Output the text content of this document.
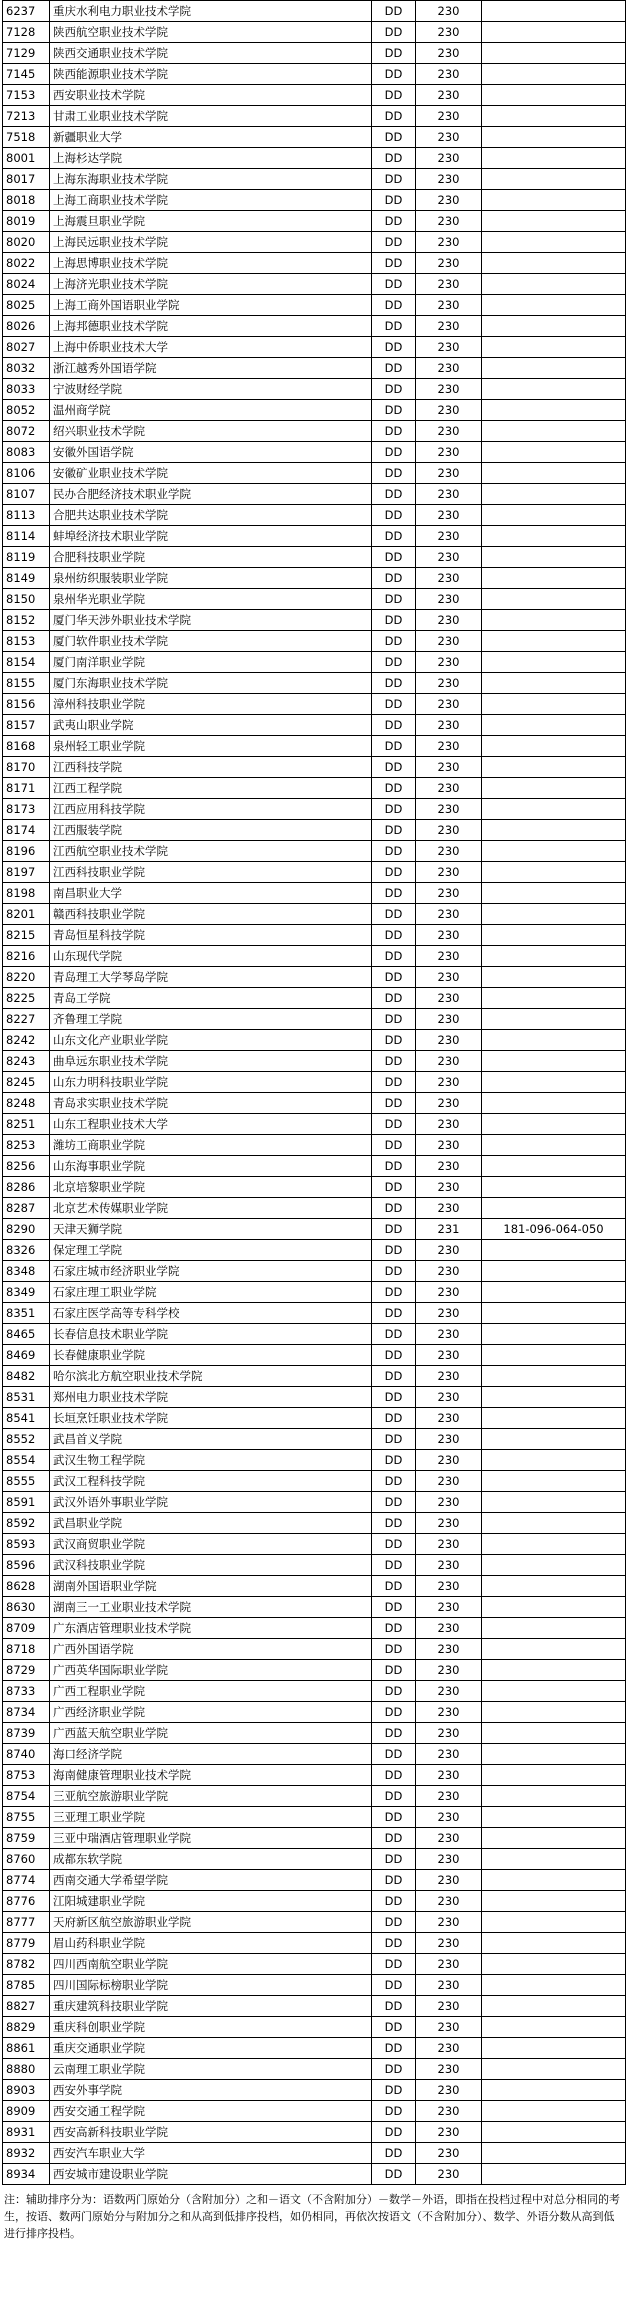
6237	重庆水利电力职业技术学院	DD	230	
7128	陕西航空职业技术学院	DD	230	
7129	陕西交通职业技术学院	DD	230	
7145	陕西能源职业技术学院	DD	230	
7153	西安职业技术学院	DD	230	
7213	甘肃工业职业技术学院	DD	230	
7518	新疆职业大学	DD	230	
8001	上海杉达学院	DD	230	
8017	上海东海职业技术学院	DD	230	
8018	上海工商职业技术学院	DD	230	
8019	上海震旦职业学院	DD	230	
8020	上海民远职业技术学院	DD	230	
8022	上海思博职业技术学院	DD	230	
8024	上海济光职业技术学院	DD	230	
8025	上海工商外国语职业学院	DD	230	
8026	上海邦德职业技术学院	DD	230	
8027	上海中侨职业技术大学	DD	230	
8032	浙江越秀外国语学院	DD	230	
8033	宁波财经学院	DD	230	
8052	温州商学院	DD	230	
8072	绍兴职业技术学院	DD	230	
8083	安徽外国语学院	DD	230	
8106	安徽矿业职业技术学院	DD	230	
8107	民办合肥经济技术职业学院	DD	230	
8113	合肥共达职业技术学院	DD	230	
8114	蚌埠经济技术职业学院	DD	230	
8119	合肥科技职业学院	DD	230	
8149	泉州纺织服装职业学院	DD	230	
8150	泉州华光职业学院	DD	230	
8152	厦门华天涉外职业技术学院	DD	230	
8153	厦门软件职业技术学院	DD	230	
8154	厦门南洋职业学院	DD	230	
8155	厦门东海职业技术学院	DD	230	
8156	漳州科技职业学院	DD	230	
8157	武夷山职业学院	DD	230	
8168	泉州轻工职业学院	DD	230	
8170	江西科技学院	DD	230	
8171	江西工程学院	DD	230	
8173	江西应用科技学院	DD	230	
8174	江西服装学院	DD	230	
8196	江西航空职业技术学院	DD	230	
8197	江西科技职业学院	DD	230	
8198	南昌职业大学	DD	230	
8201	赣西科技职业学院	DD	230	
8215	青岛恒星科技学院	DD	230	
8216	山东现代学院	DD	230	
8220	青岛理工大学琴岛学院	DD	230	
8225	青岛工学院	DD	230	
8227	齐鲁理工学院	DD	230	
8242	山东文化产业职业学院	DD	230	
8243	曲阜远东职业技术学院	DD	230	
8245	山东力明科技职业学院	DD	230	
8248	青岛求实职业技术学院	DD	230	
8251	山东工程职业技术大学	DD	230	
8253	潍坊工商职业学院	DD	230	
8256	山东海事职业学院	DD	230	
8286	北京培黎职业学院	DD	230	
8287	北京艺术传媒职业学院	DD	230	
8290	天津天狮学院	DD	231	181-096-064-050
8326	保定理工学院	DD	230	
8348	石家庄城市经济职业学院	DD	230	
8349	石家庄理工职业学院	DD	230	
8351	石家庄医学高等专科学校	DD	230	
8465	长春信息技术职业学院	DD	230	
8469	长春健康职业学院	DD	230	
8482	哈尔滨北方航空职业技术学院	DD	230	
8531	郑州电力职业技术学院	DD	230	
8541	长垣烹饪职业技术学院	DD	230	
8552	武昌首义学院	DD	230	
8554	武汉生物工程学院	DD	230	
8555	武汉工程科技学院	DD	230	
8591	武汉外语外事职业学院	DD	230	
8592	武昌职业学院	DD	230	
8593	武汉商贸职业学院	DD	230	
8596	武汉科技职业学院	DD	230	
8628	湖南外国语职业学院	DD	230	
8630	湖南三一工业职业技术学院	DD	230	
8709	广东酒店管理职业技术学院	DD	230	
8718	广西外国语学院	DD	230	
8729	广西英华国际职业学院	DD	230	
8733	广西工程职业学院	DD	230	
8734	广西经济职业学院	DD	230	
8739	广西蓝天航空职业学院	DD	230	
8740	海口经济学院	DD	230	
8753	海南健康管理职业技术学院	DD	230	
8754	三亚航空旅游职业学院	DD	230	
8755	三亚理工职业学院	DD	230	
8759	三亚中瑞酒店管理职业学院	DD	230	
8760	成都东软学院	DD	230	
8774	西南交通大学希望学院	DD	230	
8776	江阳城建职业学院	DD	230	
8777	天府新区航空旅游职业学院	DD	230	
8779	眉山药科职业学院	DD	230	
8782	四川西南航空职业学院	DD	230	
8785	四川国际标榜职业学院	DD	230	
8827	重庆建筑科技职业学院	DD	230	
8829	重庆科创职业学院	DD	230	
8861	重庆交通职业学院	DD	230	
8880	云南理工职业学院	DD	230	
8903	西安外事学院	DD	230	
8909	西安交通工程学院	DD	230	
8931	西安高新科技职业学院	DD	230	
8932	西安汽车职业大学	DD	230	
8934	西安城市建设职业学院	DD	230	
注：辅助排序分为：语数两门原始分（含附加分）之和－语文（不含附加分）－数学－外语，即指在投档过程中对总分相同的考生，按语、数两门原始分与附加分之和从高到低排序投档，如仍相同，再依次按语文（不含附加分）、数学、外语分数从高到低进行排序投档。
